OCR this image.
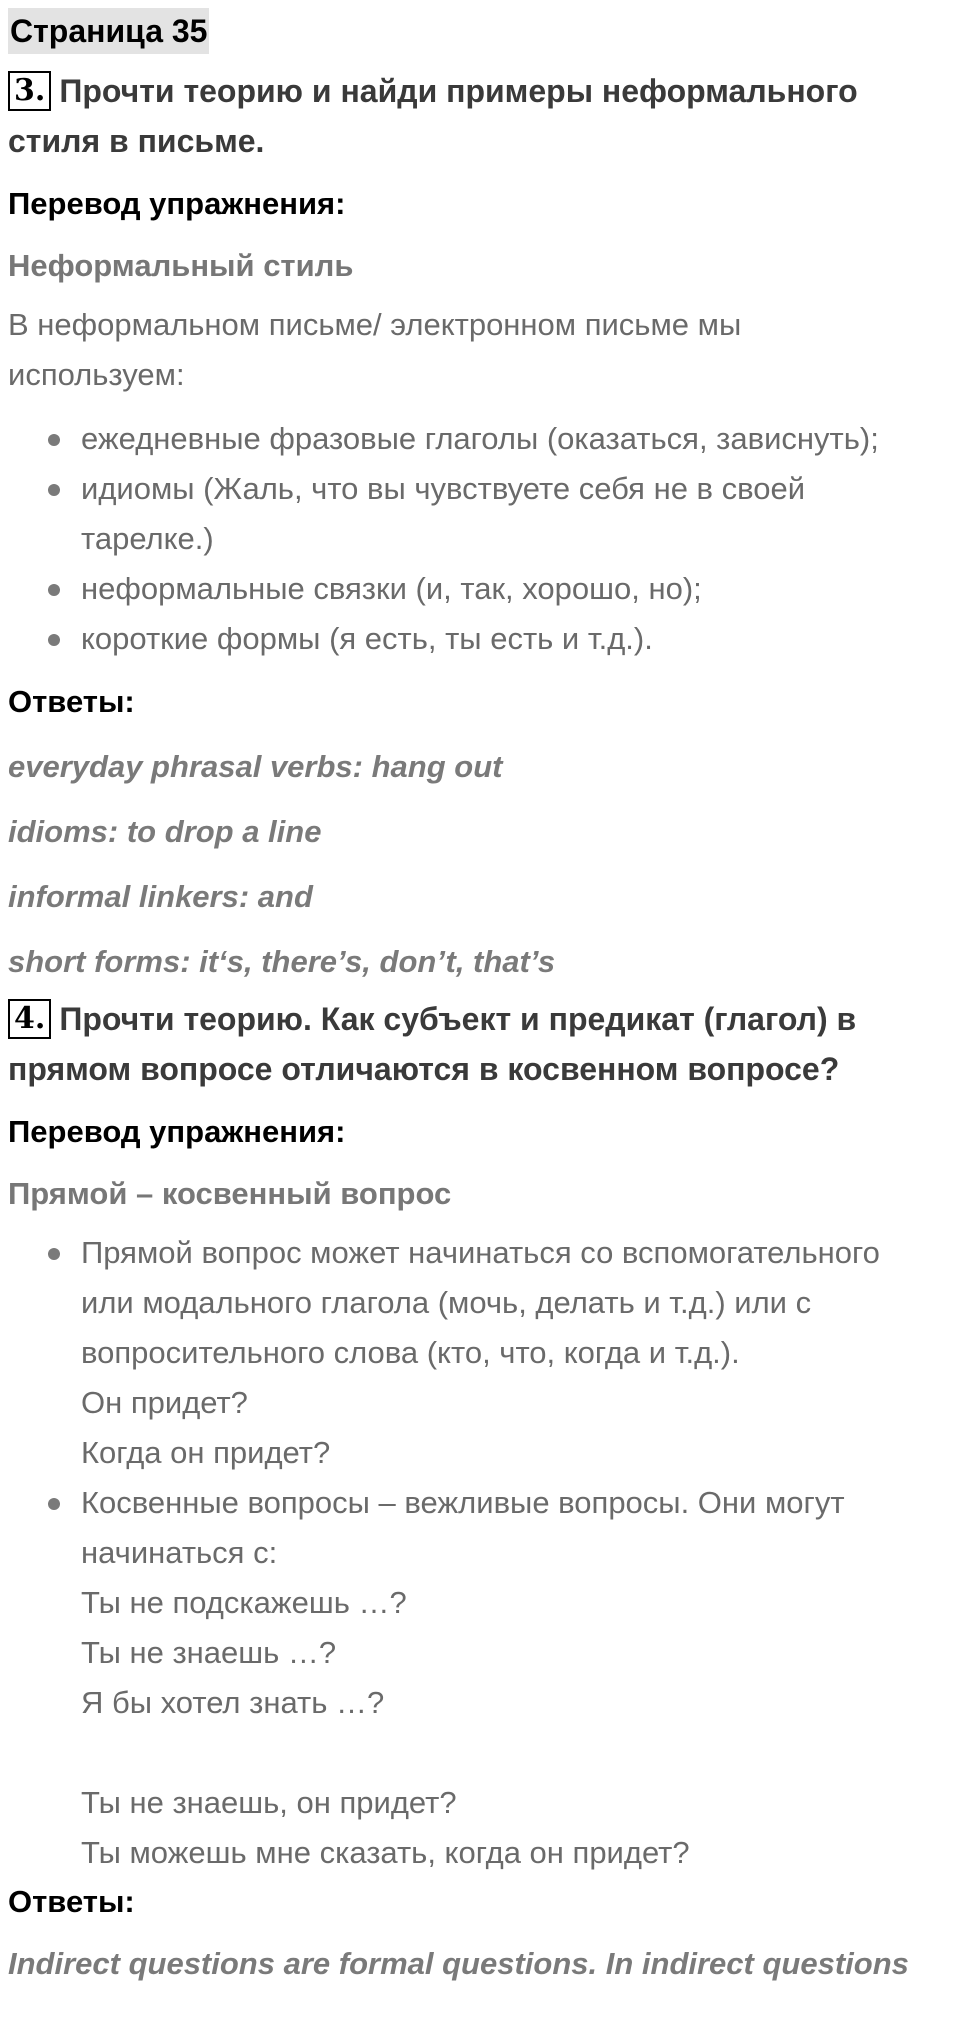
Страница 35
3. Прочти теорию и найди примеры неформального
стиля в письме.
Перевод упражнения:
Неформальный стиль
В неформальном письме/ электронном письме мы
используем:
ежедневные фразовые глаголы (оказаться, зависнуть);
идиомы (Жаль, что вы чувствуете себя не в своей
тарелке.)
неформальные связки (и, так, хорошо, но);
короткие формы (я есть, ты есть и т.д.).
Ответы:
everyday phrasal verbs: hang out
idioms: to drop a line
informal linkers: and
short forms: it‘s, there’s, don’t, that’s
4. Прочти теорию. Как субъект и предикат (глагол) в
прямом вопросе отличаются в косвенном вопросе?
Перевод упражнения:
Прямой – косвенный вопрос
Прямой вопрос может начинаться со вспомогательного
или модального глагола (мочь, делать и т.д.) или с
вопросительного слова (кто, что, когда и т.д.).
Он придет?
Когда он придет?
Косвенные вопросы – вежливые вопросы. Они могут
начинаться с:
Ты не подскажешь …?
Ты не знаешь …?
Я бы хотел знать …?
Ты не знаешь, он придет?
Ты можешь мне сказать, когда он придет?
Ответы:
Indirect questions are formal questions. In indirect questions
